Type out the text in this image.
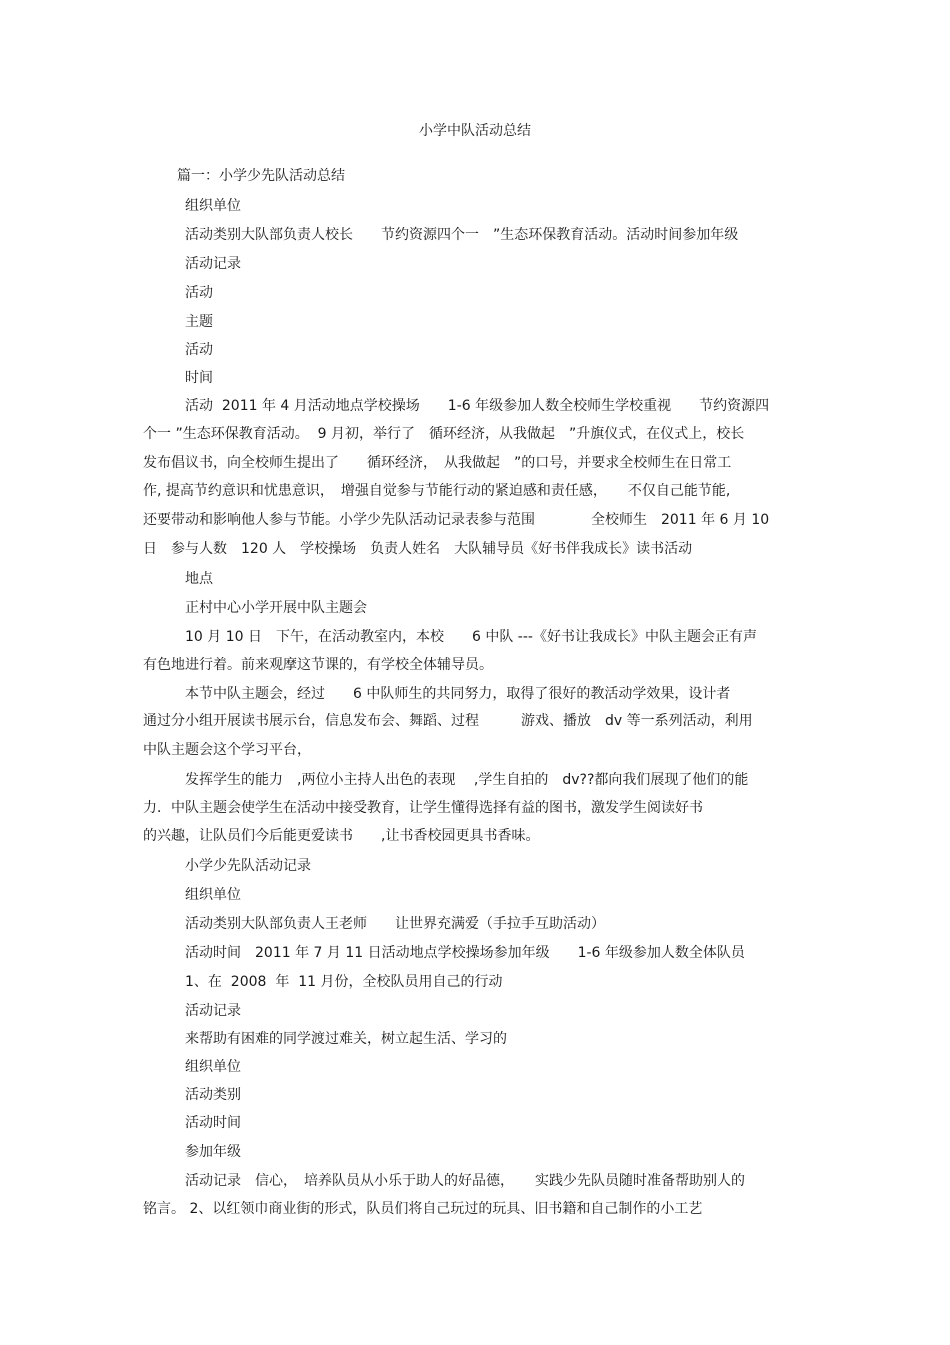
小学中队活动总结
篇一：小学少先队活动总结
组织单位
活动类别大队部负责人校长　　节约资源四个一　”生态环保教育活动。活动时间参加年级
活动记录
活动
主题
活动
时间
活动  2011 年 4 月活动地点学校操场　　1-6 年级参加人数全校师生学校重视　　节约资源四
个一 ”生态环保教育活动。  9 月初，举行了　循环经济，从我做起　”升旗仪式，在仪式上，校长
发布倡议书，向全校师生提出了　　循环经济，　从我做起　”的口号，并要求全校师生在日常工
作, 提高节约意识和忧患意识，　增强自觉参与节能行动的紧迫感和责任感，　　不仅自己能节能,
还要带动和影响他人参与节能。小学少先队活动记录表参与范围　　　　全校师生　2011 年 6 月 10
日　参与人数　120 人　学校操场　负责人姓名　大队辅导员《好书伴我成长》读书活动
地点
正村中心小学开展中队主题会
10 月 10 日　下午，在活动教室内，本校　　6 中队 ---《好书让我成长》中队主题会正有声
有色地进行着。前来观摩这节课的，有学校全体辅导员。
本节中队主题会，经过　　6 中队师生的共同努力，取得了很好的教活动学效果，设计者
通过分小组开展读书展示台，信息发布会、舞蹈、过程　　　游戏、播放　dv 等一系列活动，利用
中队主题会这个学习平台，
发挥学生的能力　,两位小主持人出色的表现　 ,学生自拍的　dv??都向我们展现了他们的能
力．中队主题会使学生在活动中接受教育，让学生懂得选择有益的图书，激发学生阅读好书
的兴趣，让队员们今后能更爱读书　　,让书香校园更具书香味。
小学少先队活动记录
组织单位
活动类别大队部负责人王老师　　让世界充满爱（手拉手互助活动）
活动时间　2011 年 7 月 11 日活动地点学校操场参加年级　　1-6 年级参加人数全体队员
1、在  2008  年  11 月份，全校队员用自己的行动
活动记录
来帮助有困难的同学渡过难关，树立起生活、学习的
组织单位
活动类别
活动时间
参加年级
活动记录　信心，　培养队员从小乐于助人的好品德，　　实践少先队员随时准备帮助别人的
铭言。 2、以红领巾商业街的形式，队员们将自己玩过的玩具、旧书籍和自己制作的小工艺
